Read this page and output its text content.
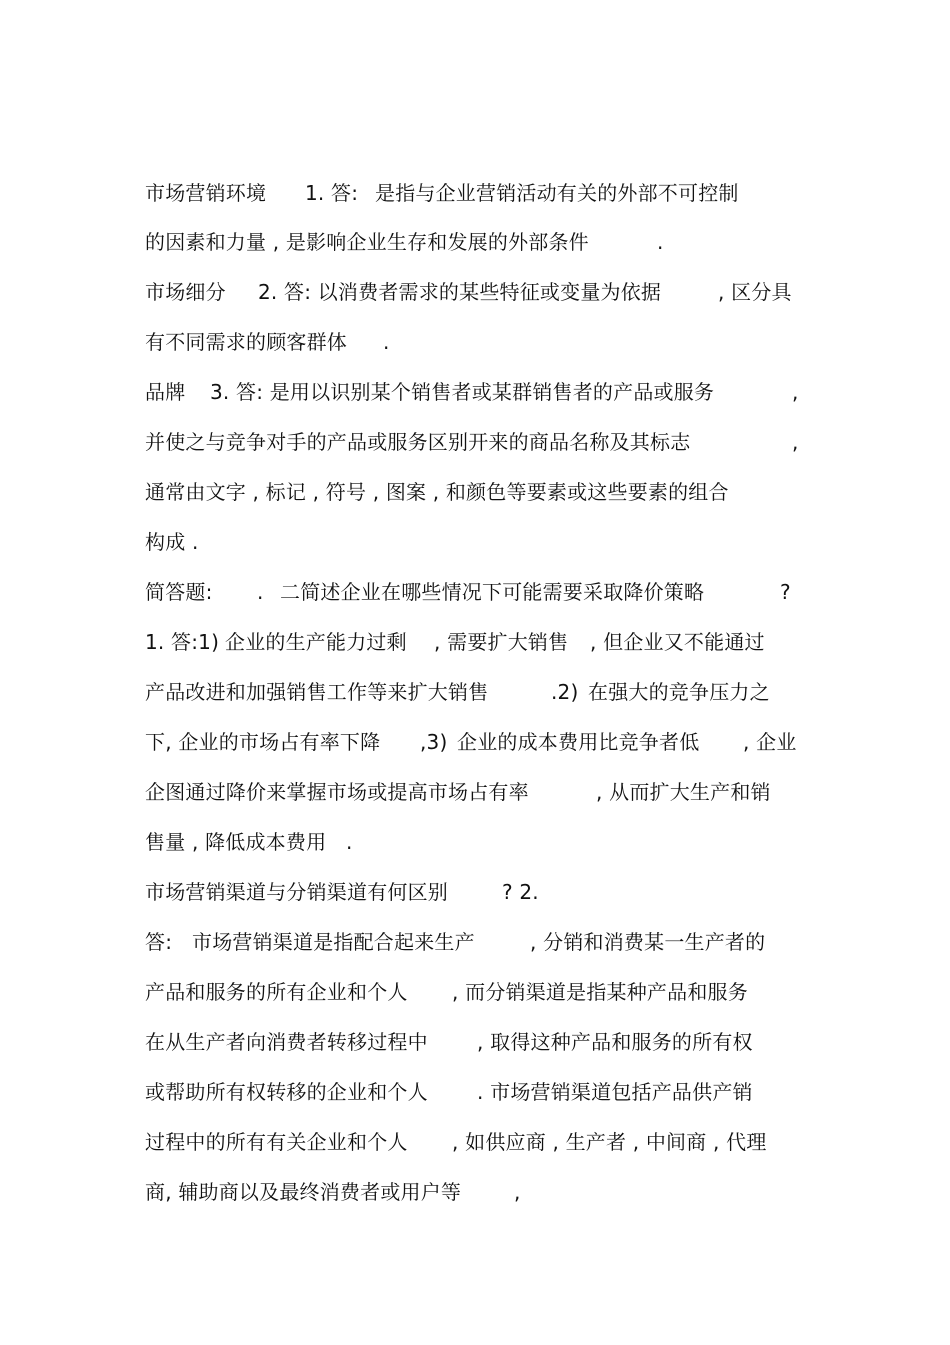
市场营销环境

1. 答:

是指与企业营销活动有关的外部不可控制

的因素和力量 , 是影响企业生存和发展的外部条件

	.

市场细分

2. 答: 以消费者需求的某些特征或变量为依据

	, 区分具

有不同需求的顾客群体

.

品牌

3. 答: 是用以识别某个销售者或某群销售者的产品或服务

	,

并使之与竞争对手的产品或服务区别开来的商品名称及其标志

	,

通常由文字 , 标记 , 符号 , 图案 , 和颜色等要素或这些要素的组合

构成 .

简答题:

.

二简述企业在哪些情况下可能需要采取降价策略

	?

1. 答:1)

企业的生产能力过剩

, 需要扩大销售

, 但企业又不能通过

产品改进和加强销售工作等来扩大销售

	.2)

在强大的竞争压力之

下, 企业的市场占有率下降

,3)

企业的成本费用比竞争者低

, 企业

企图通过降价来掌握市场或提高市场占有率

	, 从而扩大生产和销

售量 , 降低成本费用

.

市场营销渠道与分销渠道有何区别

	? 2.

答:

市场营销渠道是指配合起来生产

	, 分销和消费某一生产者的

产品和服务的所有企业和个人

, 而分销渠道是指某种产品和服务

在从生产者向消费者转移过程中

, 取得这种产品和服务的所有权

或帮助所有权转移的企业和个人

. 市场营销渠道包括产品供产销

过程中的所有有关企业和个人

, 如供应商 , 生产者 , 中间商 , 代理

商, 辅助商以及最终消费者或用户等

	,
